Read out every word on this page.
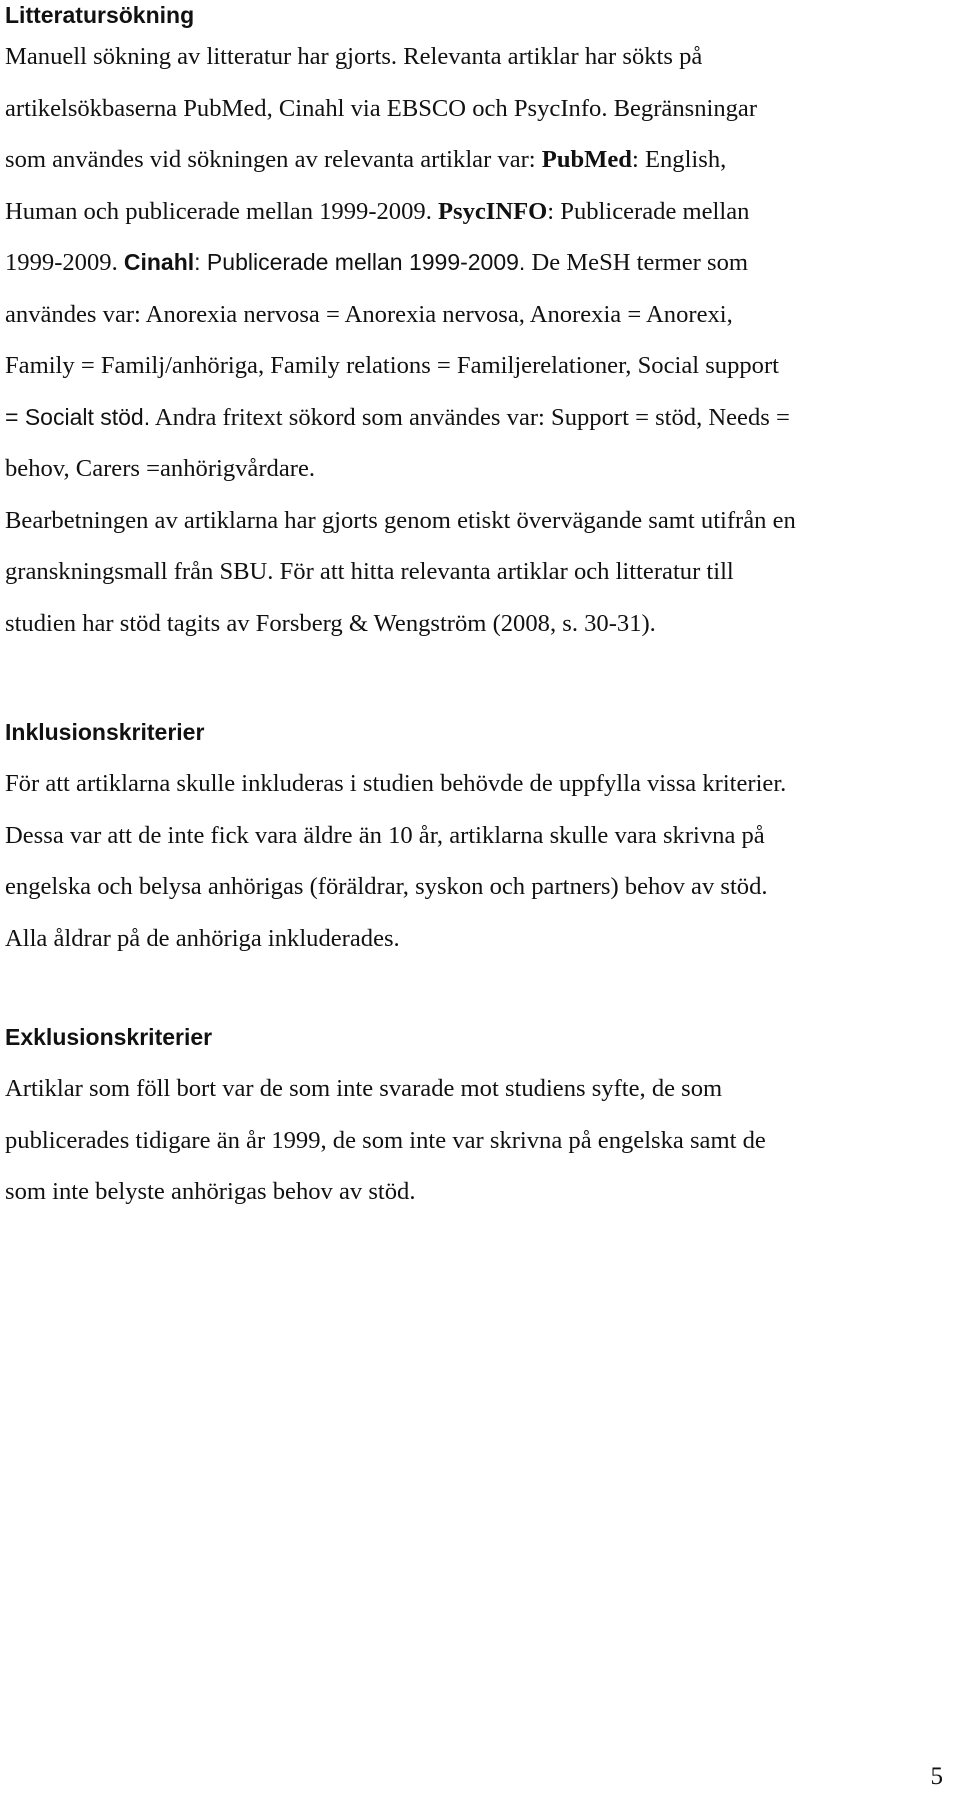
Litteratursökning
Manuell sökning av litteratur har gjorts. Relevanta artiklar har sökts på
artikelsökbaserna PubMed, Cinahl via EBSCO och PsycInfo. Begränsningar
som användes vid sökningen av relevanta artiklar var: PubMed: English,
Human och publicerade mellan 1999-2009. PsycINFO: Publicerade mellan
1999-2009. Cinahl: Publicerade mellan 1999-2009. De MeSH termer som
användes var: Anorexia nervosa = Anorexia nervosa, Anorexia = Anorexi,
Family = Familj/anhöriga, Family relations = Familjerelationer, Social support
= Socialt stöd. Andra fritext sökord som användes var: Support = stöd, Needs =
behov, Carers =anhörigvårdare.
Bearbetningen av artiklarna har gjorts genom etiskt övervägande samt utifrån en
granskningsmall från SBU. För att hitta relevanta artiklar och litteratur till
studien har stöd tagits av Forsberg & Wengström (2008, s. 30-31).
Inklusionskriterier
För att artiklarna skulle inkluderas i studien behövde de uppfylla vissa kriterier.
Dessa var att de inte fick vara äldre än 10 år, artiklarna skulle vara skrivna på
engelska och belysa anhörigas (föräldrar, syskon och partners) behov av stöd.
Alla åldrar på de anhöriga inkluderades.
Exklusionskriterier
Artiklar som föll bort var de som inte svarade mot studiens syfte, de som
publicerades tidigare än år 1999, de som inte var skrivna på engelska samt de
som inte belyste anhörigas behov av stöd.
5
